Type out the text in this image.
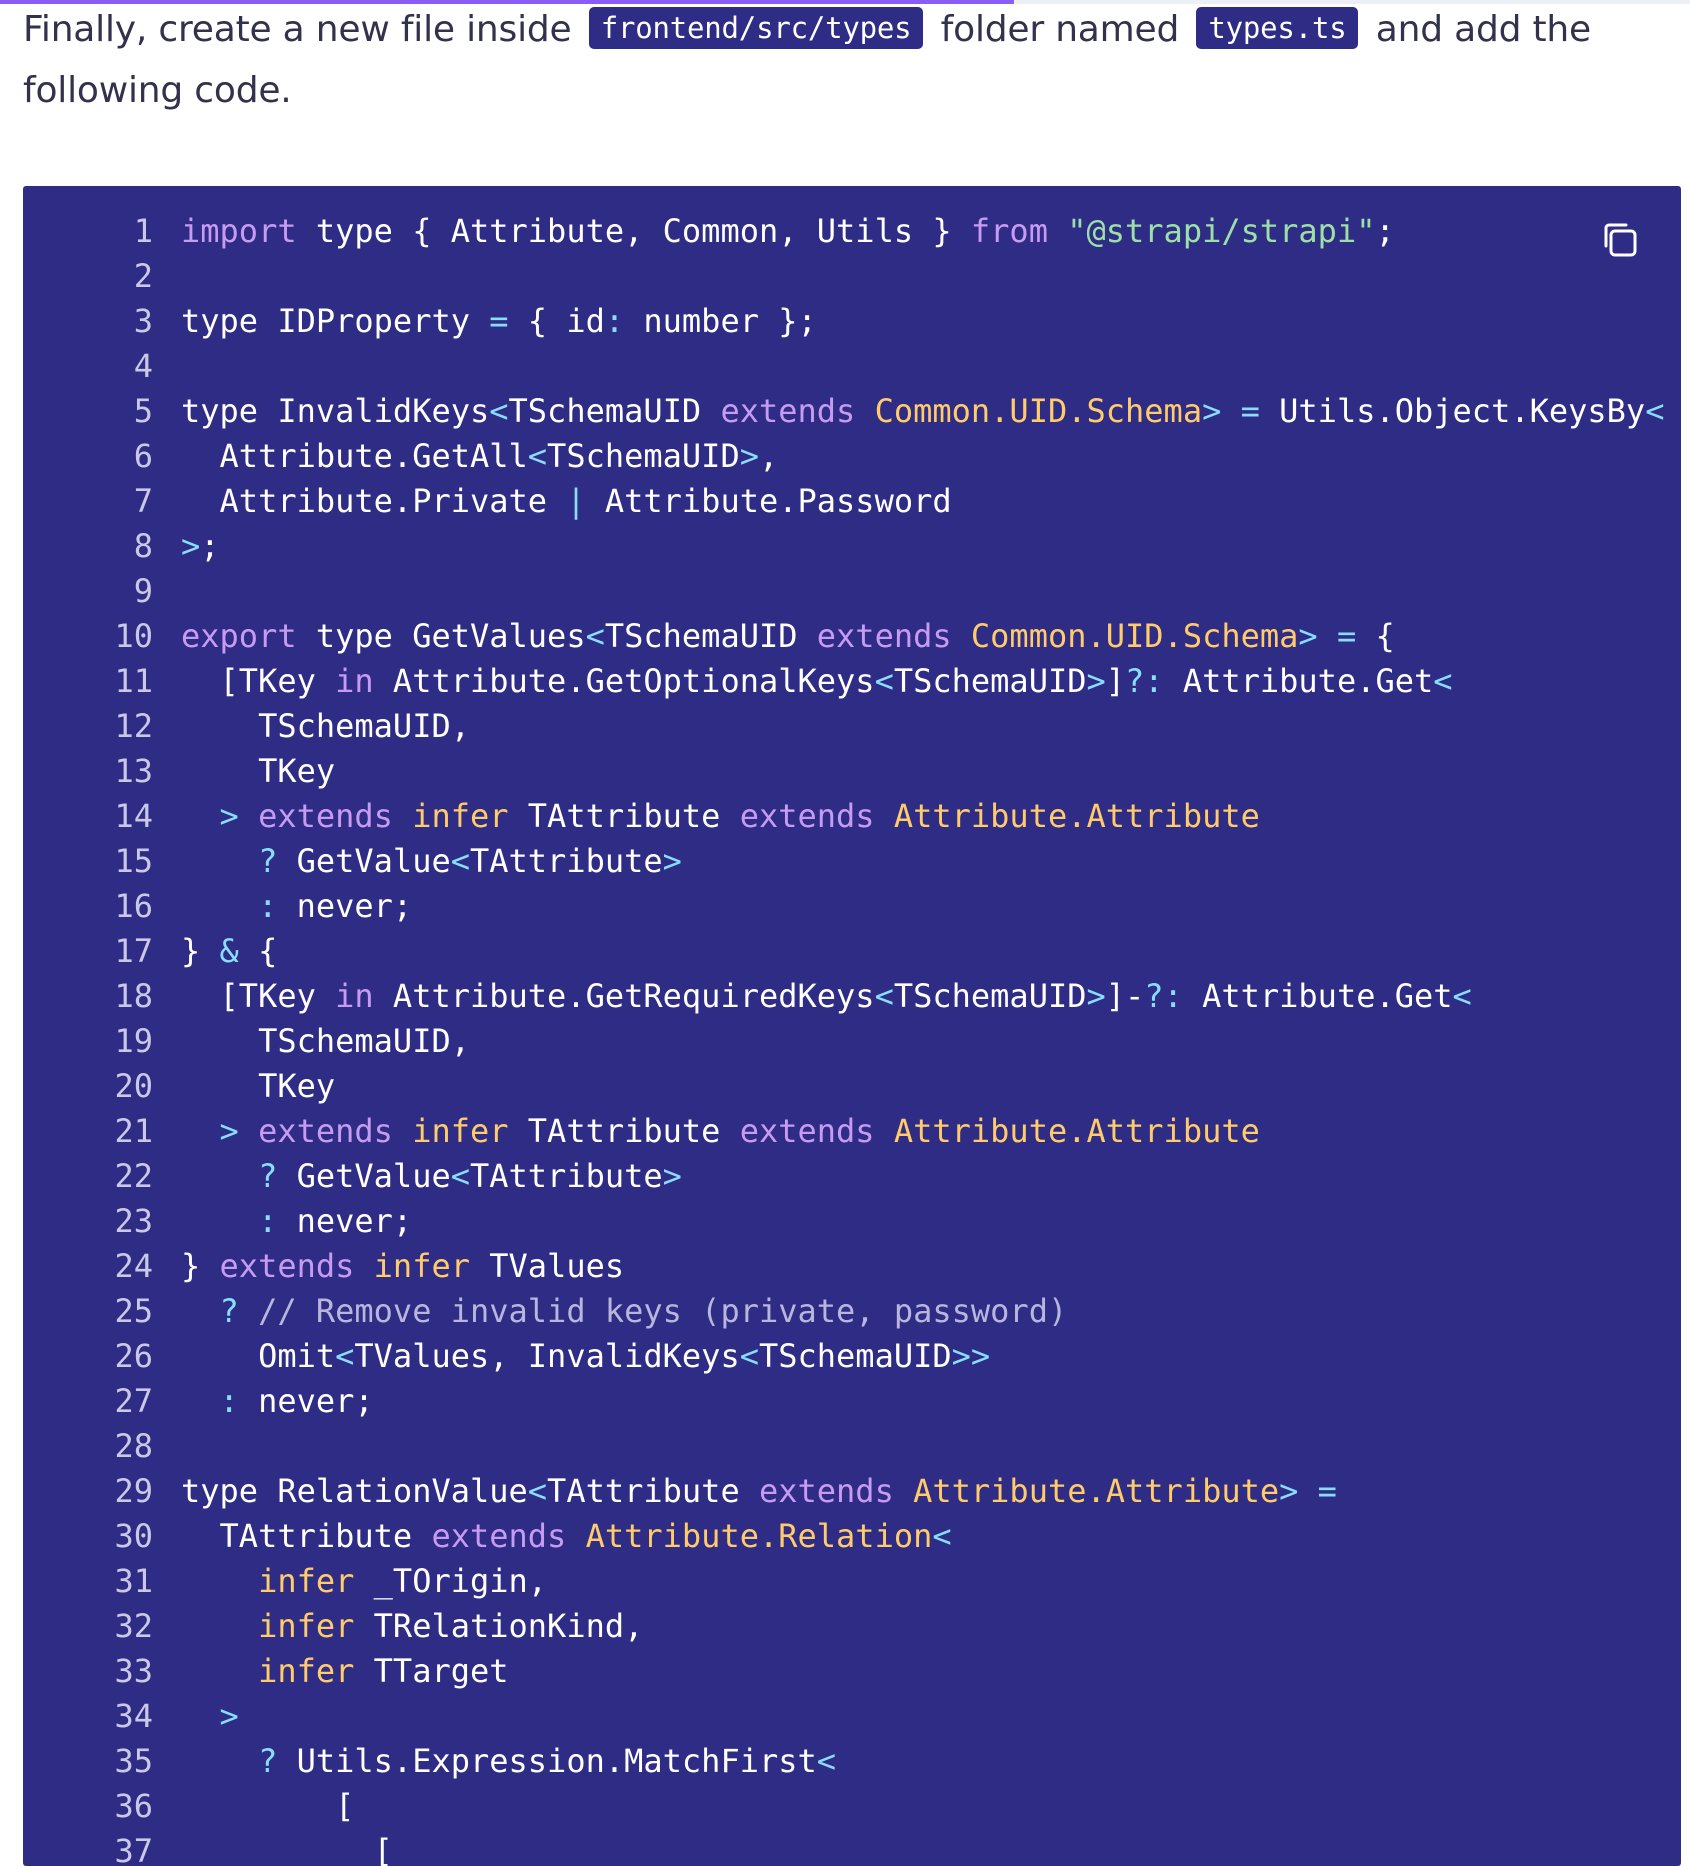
Finally, create a new file inside frontend/src/types folder named types.ts and add the following code.

1 import type { Attribute, Common, Utils } from "@strapi/strapi";
2
3 type IDProperty = { id: number };
4
5 type InvalidKeys<TSchemaUID extends Common.UID.Schema> = Utils.Object.KeysBy<
6 Attribute.GetAll<TSchemaUID>,
7 Attribute.Private | Attribute.Password
8 >;
9
10 export type GetValues<TSchemaUID extends Common.UID.Schema> = {
11 [TKey in Attribute.GetOptionalKeys<TSchemaUID>]?: Attribute.Get<
12 TSchemaUID,
13 TKey
14	> extends infer TAttribute extends Attribute.Attribute
15	? GetValue<TAttribute>
16	: never;
17 } & {
18 [TKey in Attribute.GetRequiredKeys<TSchemaUID>]-?: Attribute.Get<
19 TSchemaUID,
20 TKey
21	> extends infer TAttribute extends Attribute.Attribute
22	? GetValue<TAttribute>
23	: never;
24 } extends infer TValues
25	? // Remove invalid keys (private, password)
26 Omit<TValues, InvalidKeys<TSchemaUID>>
27	: never;
28
29 type RelationValue<TAttribute extends Attribute.Attribute> =
30 TAttribute extends Attribute.Relation<
31	infer _TOrigin,
32	infer TRelationKind,
33	infer TTarget
34	>
35	? Utils.Expression.MatchFirst<
36 [
37 [
